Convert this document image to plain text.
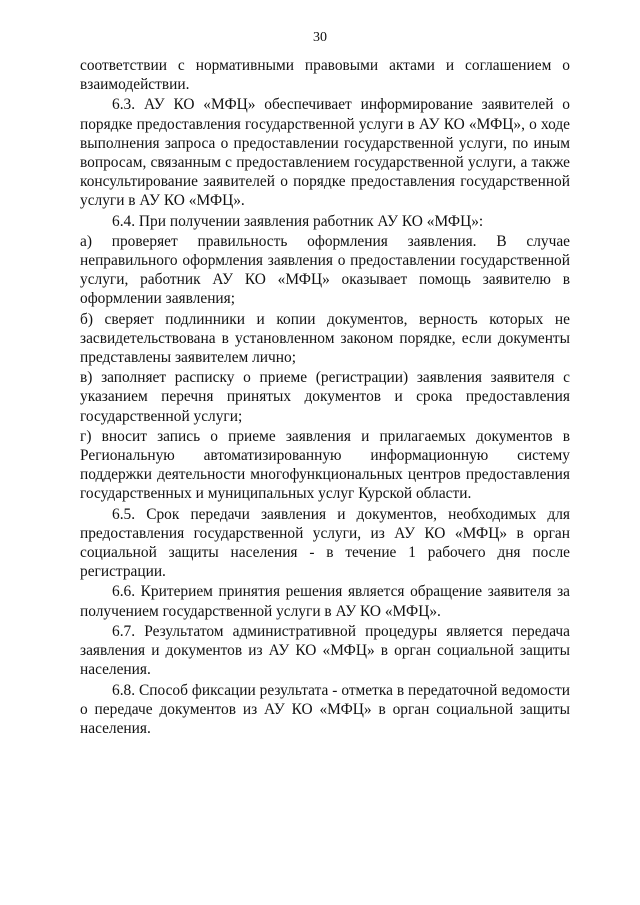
30

соответствии с нормативными правовыми актами и соглашением о взаимодействии.

6.3. АУ КО «МФЦ» обеспечивает информирование заявителей о порядке предоставления государственной услуги в АУ КО «МФЦ», о ходе выполнения запроса о предоставлении государственной услуги, по иным вопросам, связанным с предоставлением государственной услуги, а также консультирование заявителей о порядке предоставления государственной услуги в АУ КО «МФЦ».

6.4. При получении заявления работник АУ КО «МФЦ»:

а) проверяет правильность оформления заявления. В случае неправильного оформления заявления о предоставлении государственной услуги, работник АУ КО «МФЦ» оказывает помощь заявителю в оформлении заявления;

б) сверяет подлинники и копии документов, верность которых не засвидетельствована в установленном законом порядке, если документы представлены заявителем лично;

в) заполняет расписку о приеме (регистрации) заявления заявителя с указанием перечня принятых документов и срока предоставления государственной услуги;

г) вносит запись о приеме заявления и прилагаемых документов в Региональную автоматизированную информационную систему поддержки деятельности многофункциональных центров предоставления государственных и муниципальных услуг Курской области.

6.5. Срок передачи заявления и документов, необходимых для предоставления государственной услуги, из АУ КО «МФЦ» в орган социальной защиты населения - в течение 1 рабочего дня после регистрации.

6.6. Критерием принятия решения является обращение заявителя за получением государственной услуги в АУ КО «МФЦ».

6.7. Результатом административной процедуры является передача заявления и документов из АУ КО «МФЦ» в орган социальной защиты населения.

6.8. Способ фиксации результата - отметка в передаточной ведомости о передаче документов из АУ КО «МФЦ» в орган социальной защиты населения.
